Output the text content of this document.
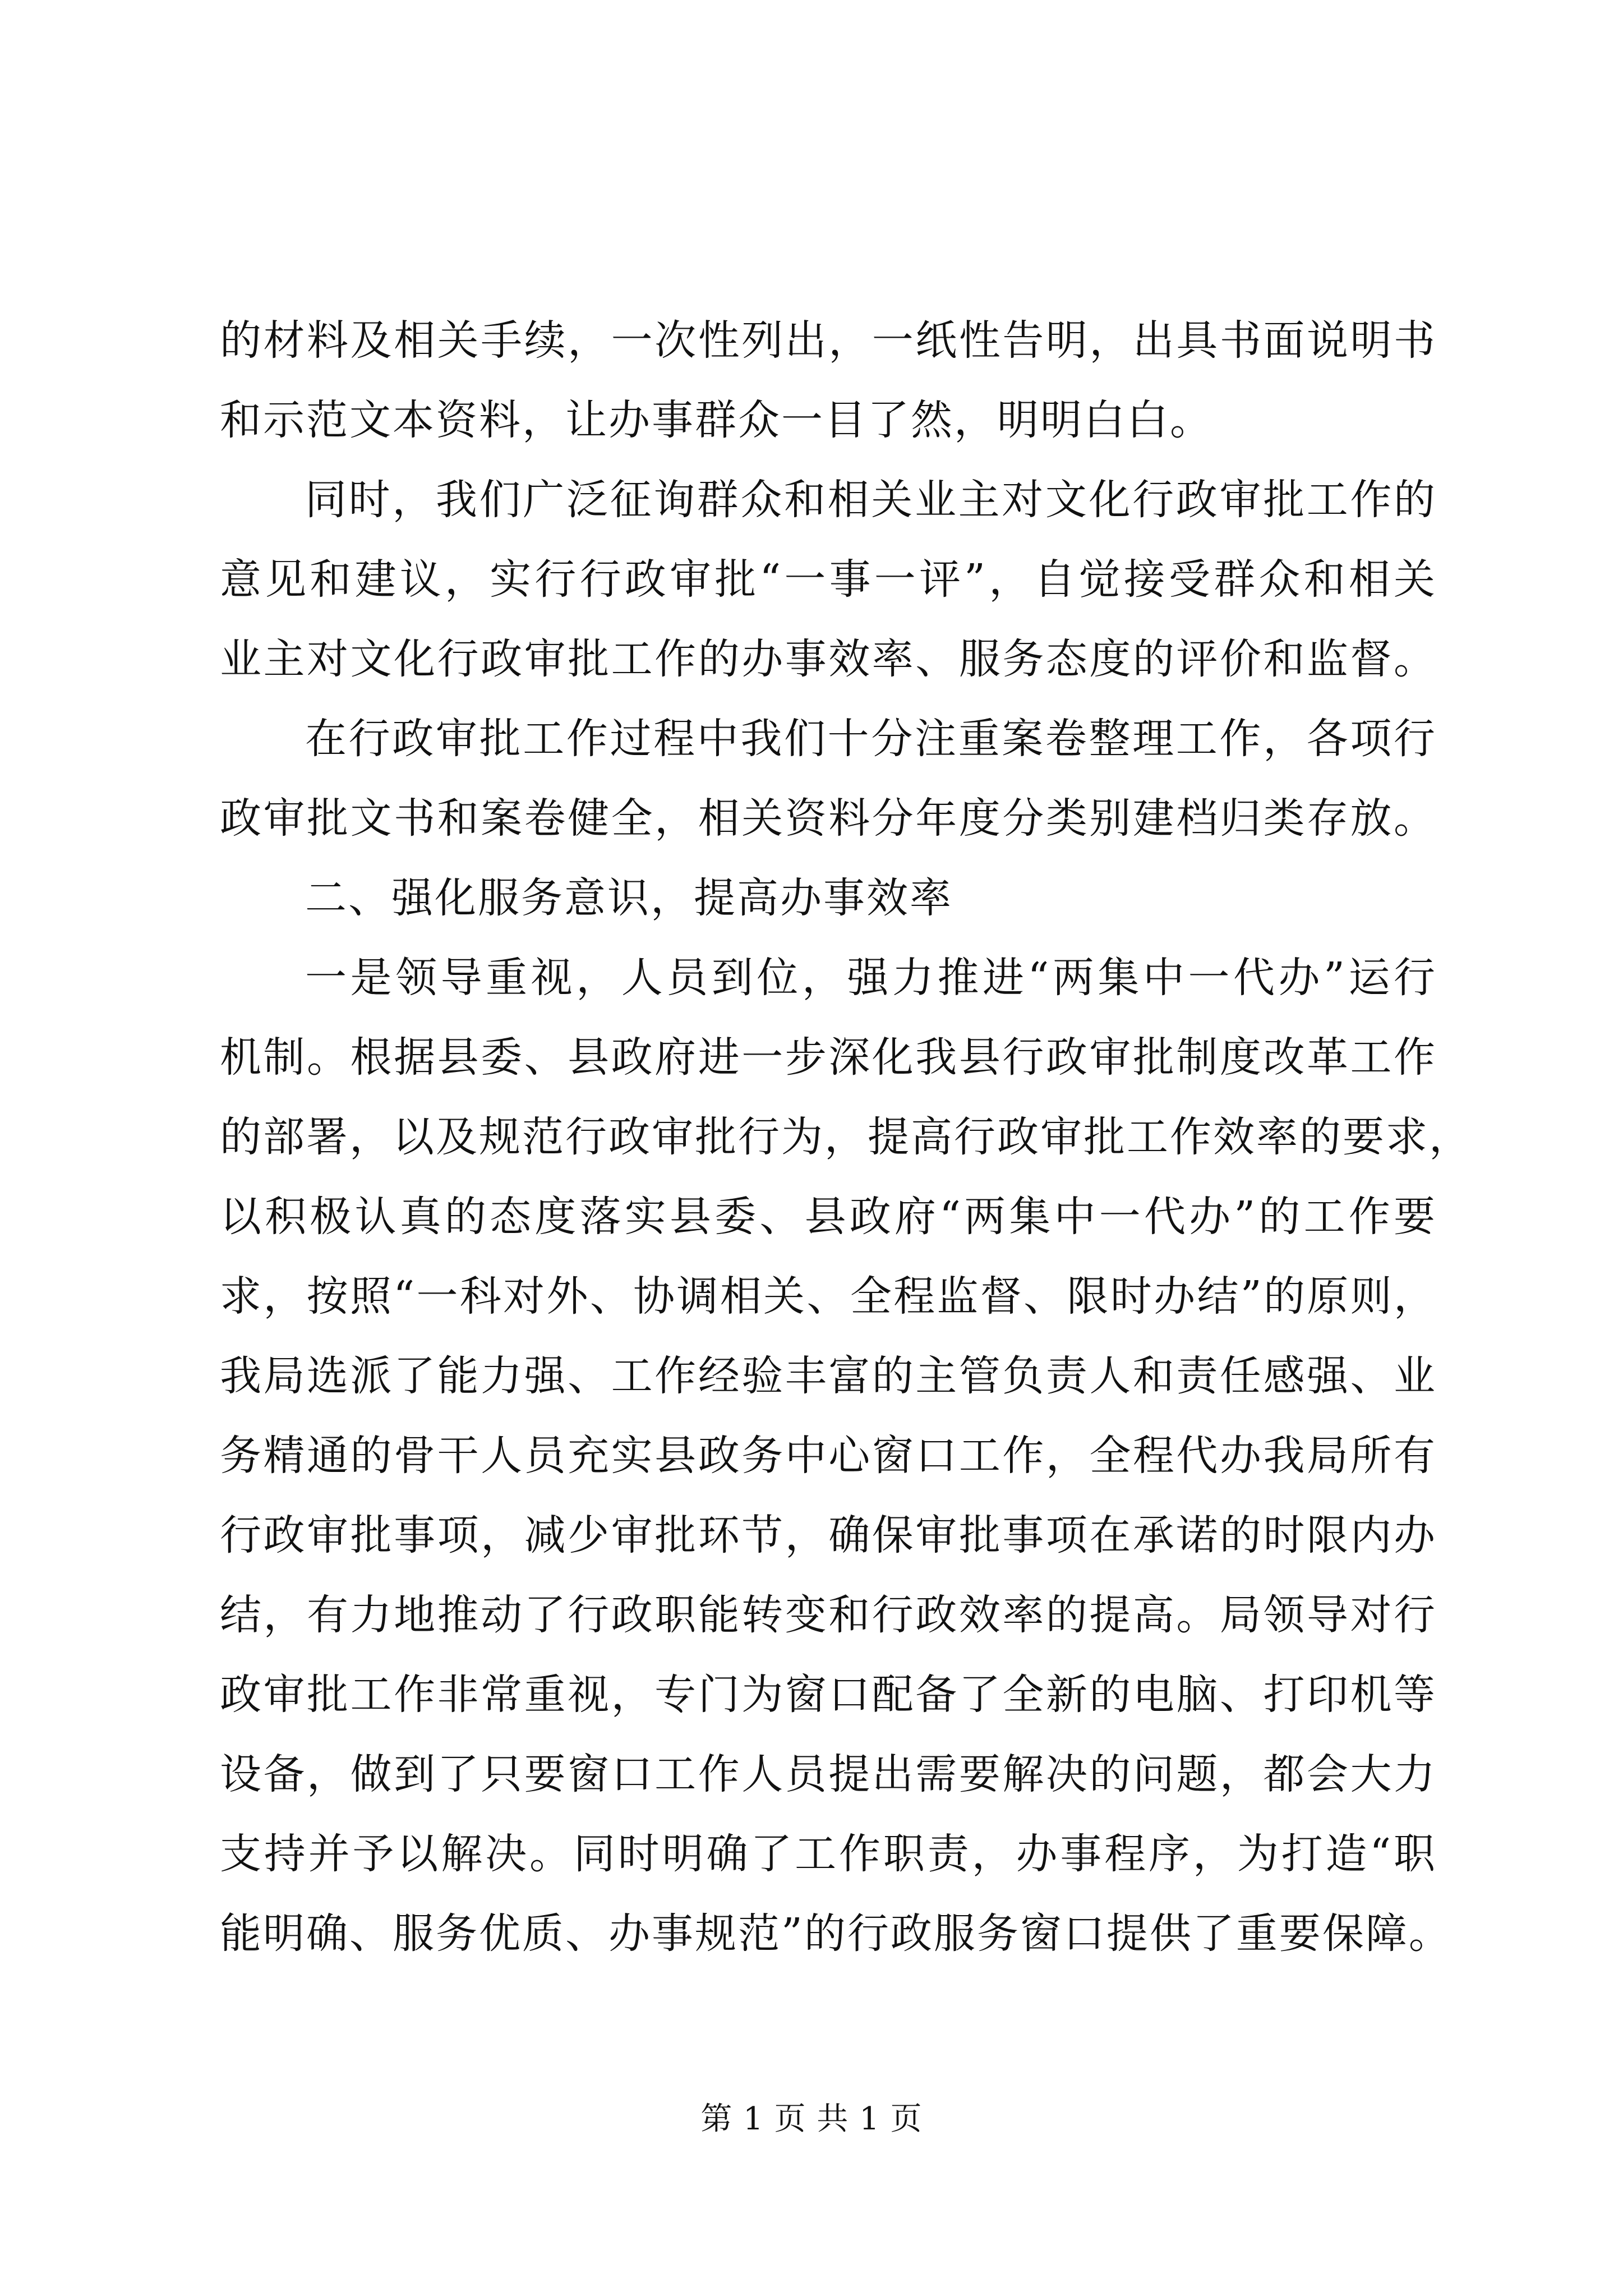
的材料及相关手续，一次性列出，一纸性告明，出具书面说明书
和示范文本资料，让办事群众一目了然，明明白白。
同时，我们广泛征询群众和相关业主对文化行政审批工作的
意见和建议，实行行政审批“一事一评”，自觉接受群众和相关
业主对文化行政审批工作的办事效率、服务态度的评价和监督。
在行政审批工作过程中我们十分注重案卷整理工作，各项行
政审批文书和案卷健全，相关资料分年度分类别建档归类存放。
二、强化服务意识，提高办事效率
一是领导重视，人员到位，强力推进“两集中一代办”运行
机制。根据县委、县政府进一步深化我县行政审批制度改革工作
的部署，以及规范行政审批行为，提高行政审批工作效率的要求，
以积极认真的态度落实县委、县政府“两集中一代办”的工作要
求，按照“一科对外、协调相关、全程监督、限时办结”的原则，
我局选派了能力强、工作经验丰富的主管负责人和责任感强、业
务精通的骨干人员充实县政务中心窗口工作，全程代办我局所有
行政审批事项，减少审批环节，确保审批事项在承诺的时限内办
结，有力地推动了行政职能转变和行政效率的提高。局领导对行
政审批工作非常重视，专门为窗口配备了全新的电脑、打印机等
设备，做到了只要窗口工作人员提出需要解决的问题，都会大力
支持并予以解决。同时明确了工作职责，办事程序，为打造“职
能明确、服务优质、办事规范”的行政服务窗口提供了重要保障。
第 1 页 共 1 页
